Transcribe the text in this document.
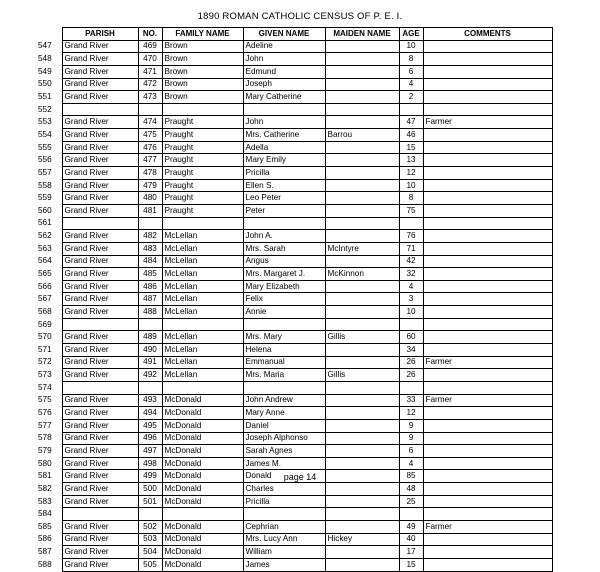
1890 ROMAN CATHOLIC CENSUS OF P. E. I.
	PARISH	NO.	FAMILY NAME	GIVEN NAME	MAIDEN NAME	AGE	COMMENTS
547	Grand River	469	Brown	Adeline		10	
548	Grand River	470	Brown	John		8	
549	Grand River	471	Brown	Edmund		6	
550	Grand River	472	Brown	Joseph		4	
551	Grand River	473	Brown	Mary Catherine		2	
552							
553	Grand River	474	Praught	John		47	Farmer
554	Grand River	475	Praught	Mrs. Catherine	Barrou	46	
555	Grand River	476	Praught	Adella		15	
556	Grand River	477	Praught	Mary Emily		13	
557	Grand River	478	Praught	Pricilla		12	
558	Grand River	479	Praught	Ellen S.		10	
559	Grand River	480	Praught	Leo Peter		8	
560	Grand River	481	Praught	Peter		75	
561							
562	Grand River	482	McLellan	John A.		76	
563	Grand River	483	McLellan	Mrs. Sarah	McIntyre	71	
564	Grand River	484	McLellan	Angus		42	
565	Grand River	485	McLellan	Mrs. Margaret J.	McKinnon	32	
566	Grand River	486	McLellan	Mary Elizabeth		4	
567	Grand River	487	McLellan	Felix		3	
568	Grand River	488	McLellan	Annie		10	
569							
570	Grand River	489	McLellan	Mrs. Mary	Gillis	60	
571	Grand River	490	McLellan	Helena		34	
572	Grand River	491	McLellan	Emmanual		26	Farmer
573	Grand River	492	McLellan	Mrs. Maria	Gillis	26	
574							
575	Grand River	493	McDonald	John Andrew		33	Farmer
576	Grand River	494	McDonald	Mary Anne		12	
577	Grand River	495	McDonald	Daniel		9	
578	Grand River	496	McDonald	Joseph Alphonso		9	
579	Grand River	497	McDonald	Sarah Agnes		6	
580	Grand River	498	McDonald	James M.		4	
581	Grand River	499	McDonald	Donald		85	
582	Grand River	500	McDonald	Charles		48	
583	Grand River	501	McDonald	Pricilla		25	
584							
585	Grand River	502	McDonald	Cephrian		49	Farmer
586	Grand River	503	McDonald	Mrs. Lucy Ann	Hickey	40	
587	Grand River	504	McDonald	William		17	
588	Grand River	505	McDonald	James		15	
page 14
